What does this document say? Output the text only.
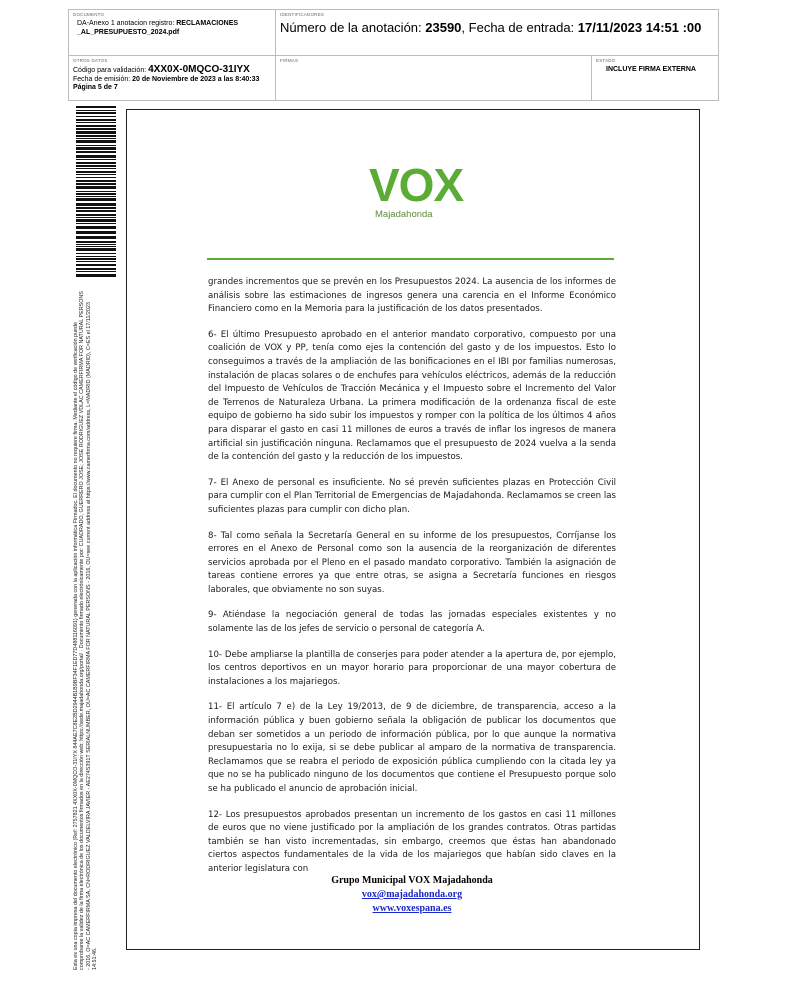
DOCUMENTO
DA-Anexo 1 anotacion registro: RECLAMACIONES _AL_PRESUPUESTO_2024.pdf
IDENTIFICADORES
Número de la anotación: 23590, Fecha de entrada: 17/11/2023 14:51 :00
OTROS DATOS
Código para validación: 4XX0X-0MQCO-31IYX
Fecha de emisión: 20 de Noviembre de 2023 a las 8:40:33
Página 5 de 7
FIRMAS	ESTADO
INCLUYE FIRMA EXTERNA
Esta es una copia impresa del documento electrónico (Ref: 2757821 4XX0X-0MQCO-31IYX 844AE7C8E2BD2944B1B9BF34F1ED77D488116091) generada con la aplicación informática Firmadoc. El documento no requiere firma. Mediante el código de verificación puede comprobarse la validez de la firma electrónica de los documentos firmados en la dirección web: https://sede.majadahonda.org/portal/ · Documento firmado electrónicamente por: CUADRADO, GUERRERO JOSE; JOSE RODRIGUEZ VDLAC CAMERFIRMA FOR NATURAL PERSONS - 2016, O=AC CAMERFIRMA SA, CN=RODRIGUEZ VALDELVIRA JAVIER - AE274S391T SERIALNUMBER, OU=AC CAMERFIRMA FOR NATURAL PERSONS - 2016, OU=see current address at https://www.camerfirma.com/address, L=MADRID (MADRID), C=ES el 17/11/2023 14:51:46.
VOX
Majadahonda

grandes incrementos que se prevén en los Presupuestos 2024. La ausencia de los informes de análisis sobre las estimaciones de ingresos genera una carencia en el Informe Económico Financiero como en la Memoria para la justificación de los datos presentados.

6- El último Presupuesto aprobado en el anterior mandato corporativo, compuesto por una coalición de VOX y PP, tenía como ejes la contención del gasto y de los impuestos. Esto lo conseguimos a través de la ampliación de las bonificaciones en el IBI por familias numerosas, instalación de placas solares o de enchufes para vehículos eléctricos, además de la reducción del Impuesto de Vehículos de Tracción Mecánica y el Impuesto sobre el Incremento del Valor de Terrenos de Naturaleza Urbana. La primera modificación de la ordenanza fiscal de este equipo de gobierno ha sido subir los impuestos y romper con la política de los últimos 4 años para disparar el gasto en casi 11 millones de euros a través de inflar los ingresos de manera artificial sin justificación ninguna. Reclamamos que el presupuesto de 2024 vuelva a la senda de la contención del gasto y la reducción de los impuestos.

7- El Anexo de personal es insuficiente. No sé prevén suficientes plazas en Protección Civil para cumplir con el Plan Territorial de Emergencias de Majadahonda. Reclamamos se creen las suficientes plazas para cumplir con dicho plan.

8- Tal como señala la Secretaría General en su informe de los presupuestos, Corríjanse los errores en el Anexo de Personal como son la ausencia de la reorganización de diferentes servicios aprobada por el Pleno en el pasado mandato corporativo. También la asignación de tareas contiene errores ya que entre otras, se asigna a Secretaría funciones en riesgos laborales, que obviamente no son suyas.

9- Atiéndase la negociación general de todas las jornadas especiales existentes y no solamente las de los jefes de servicio o personal de categoría A.

10- Debe ampliarse la plantilla de conserjes para poder atender a la apertura de, por ejemplo, los centros deportivos en un mayor horario para proporcionar de una mayor cobertura de instalaciones a los majariegos.

11- El artículo 7 e) de la Ley 19/2013, de 9 de diciembre, de transparencia, acceso a la información pública y buen gobierno señala la obligación de publicar los documentos que deban ser sometidos a un periodo de información pública, por lo que aunque la normativa presupuestaria no lo exija, si se debe publicar al amparo de la normativa de transparencia. Reclamamos que se reabra el periodo de exposición pública cumpliendo con la citada ley ya que no se ha publicado ninguno de los documentos que contiene el Presupuesto porque solo se ha publicado el anuncio de aprobación inicial.

12- Los presupuestos aprobados presentan un incremento de los gastos en casi 11 millones de euros que no viene justificado por la ampliación de los grandes contratos. Otras partidas también se han visto incrementadas, sin embargo, creemos que éstas han abandonado ciertos aspectos fundamentales de la vida de los majariegos que habían sido claves en la anterior legislatura con

Grupo Municipal VOX Majadahonda
vox@majadahonda.org
www.voxespana.es
